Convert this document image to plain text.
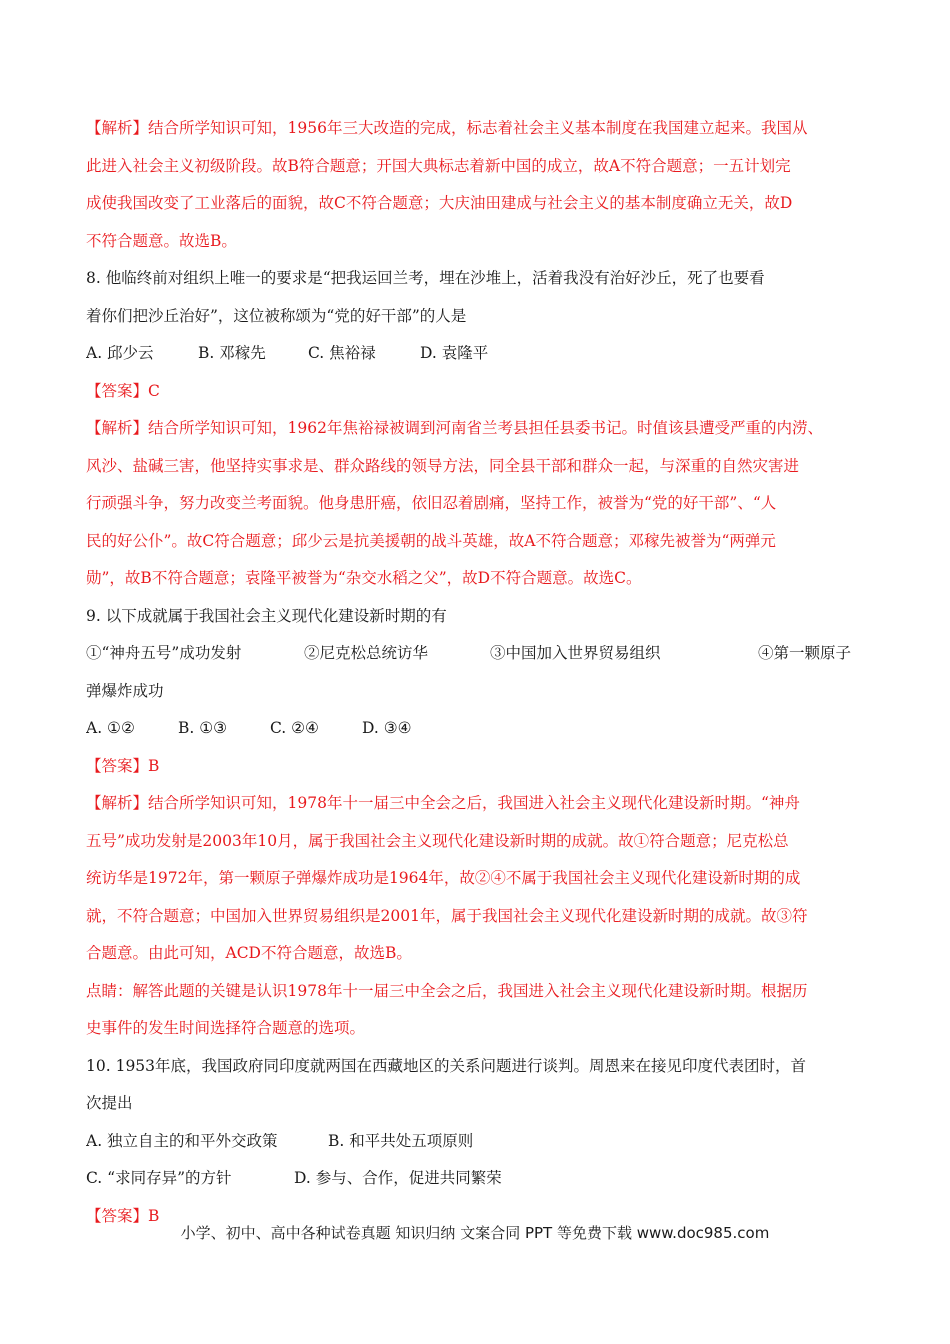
【解析】结合所学知识可知，1956年三大改造的完成，标志着社会主义基本制度在我国建立起来。我国从
此进入社会主义初级阶段。故B符合题意；开国大典标志着新中国的成立，故A不符合题意；一五计划完
成使我国改变了工业落后的面貌，故C不符合题意；大庆油田建成与社会主义的基本制度确立无关，故D
不符合题意。故选B。
8. 他临终前对组织上唯一的要求是“把我运回兰考，埋在沙堆上，活着我没有治好沙丘，死了也要看
着你们把沙丘治好”，这位被称颂为“党的好干部”的人是
A. 邱少云	B. 邓稼先	C. 焦裕禄	D. 袁隆平
【答案】C
【解析】结合所学知识可知，1962年焦裕禄被调到河南省兰考县担任县委书记。时值该县遭受严重的内涝、
风沙、盐碱三害，他坚持实事求是、群众路线的领导方法，同全县干部和群众一起，与深重的自然灾害进
行顽强斗争，努力改变兰考面貌。他身患肝癌，依旧忍着剧痛，坚持工作，被誉为“党的好干部”、“人
民的好公仆”。故C符合题意；邱少云是抗美援朝的战斗英雄，故A不符合题意；邓稼先被誉为“两弹元
勋”，故B不符合题意；袁隆平被誉为“杂交水稻之父”，故D不符合题意。故选C。
9. 以下成就属于我国社会主义现代化建设新时期的有
①“神舟五号”成功发射	②尼克松总统访华	③中国加入世界贸易组织	④第一颗原子
弹爆炸成功
A. ①②	B. ①③	C. ②④	D. ③④
【答案】B
【解析】结合所学知识可知，1978年十一届三中全会之后，我国进入社会主义现代化建设新时期。“神舟
五号”成功发射是2003年10月，属于我国社会主义现代化建设新时期的成就。故①符合题意；尼克松总
统访华是1972年，第一颗原子弹爆炸成功是1964年，故②④不属于我国社会主义现代化建设新时期的成
就，不符合题意；中国加入世界贸易组织是2001年，属于我国社会主义现代化建设新时期的成就。故③符
合题意。由此可知，ACD不符合题意，故选B。
点睛：解答此题的关键是认识1978年十一届三中全会之后，我国进入社会主义现代化建设新时期。根据历
史事件的发生时间选择符合题意的选项。
10. 1953年底，我国政府同印度就两国在西藏地区的关系问题进行谈判。周恩来在接见印度代表团时，首
次提出
A. 独立自主的和平外交政策	B. 和平共处五项原则
C. “求同存异”的方针	D. 参与、合作，促进共同繁荣
【答案】B
小学、初中、高中各种试卷真题 知识归纳 文案合同 PPT 等免费下载 www.doc985.com
